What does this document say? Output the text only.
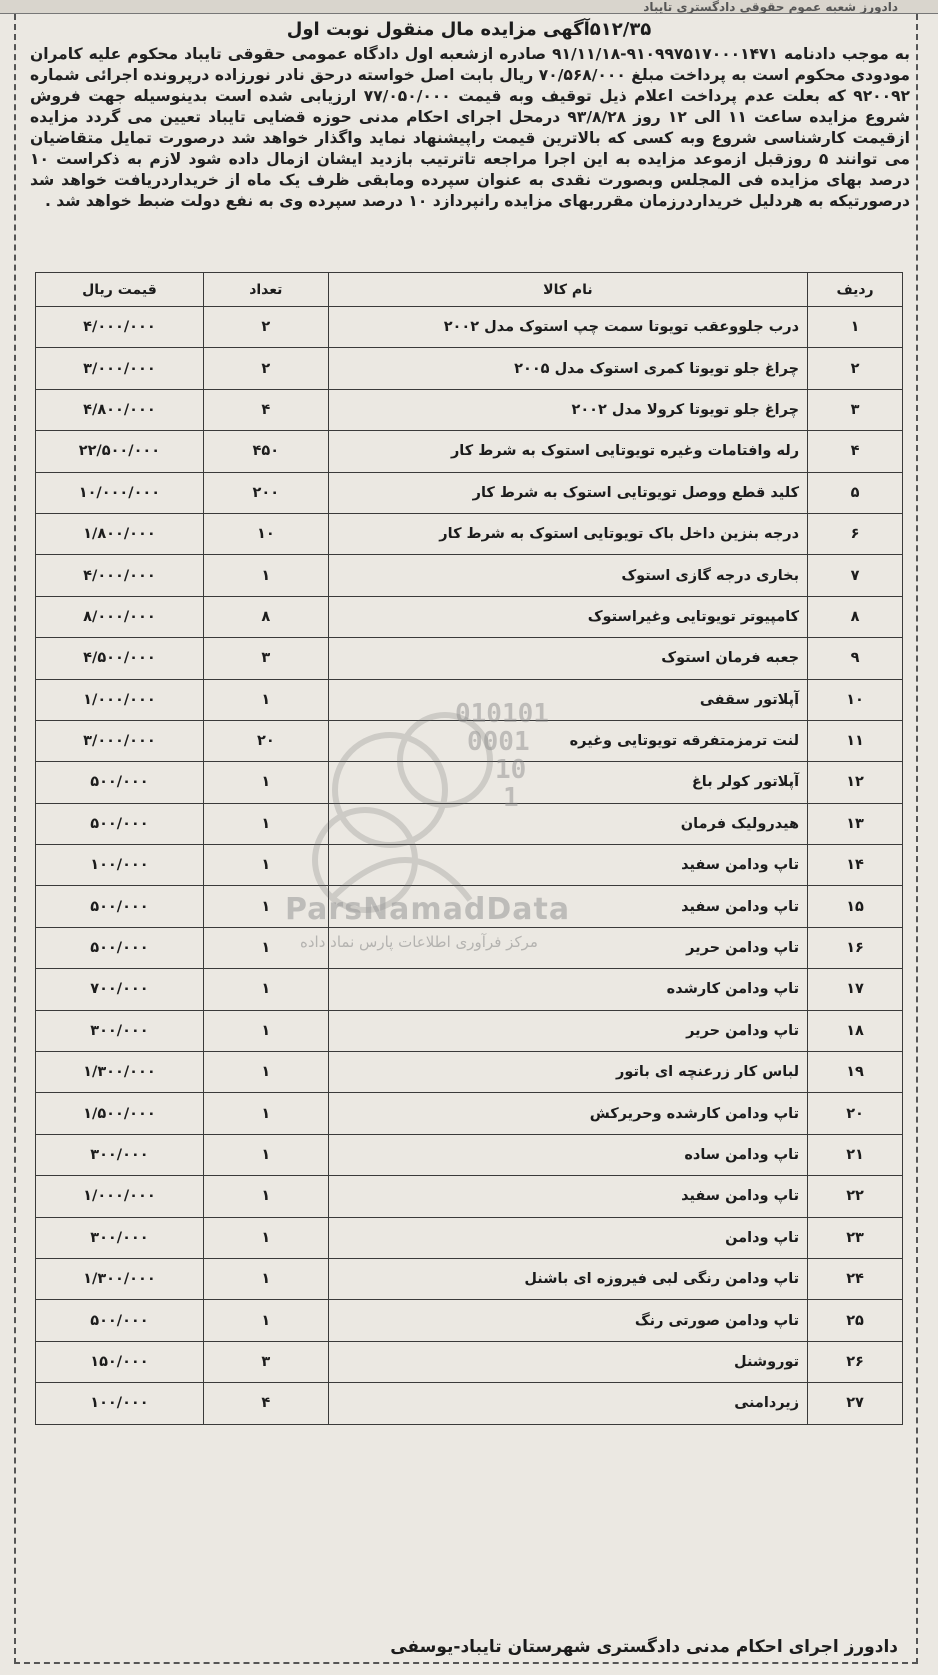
دادورز شعبه عموم حقوقی دادگستری تایباد
۵۱۲/۳۵آگهی مزایده مال منقول نوبت اول

به موجب دادنامه ۹۱۰۹۹۷۵۱۷۰۰۰۱۴۷۱-۹۱/۱۱/۱۸ صادره ازشعبه اول دادگاه عمومی حقوقی تایباد محکوم علیه کامران مودودی محکوم است به پرداخت مبلغ ۷۰/۵۶۸/۰۰۰ ریال بابت اصل خواسته درحق نادر نورزاده درپرونده اجرائی شماره ۹۲۰۰۹۲ که بعلت عدم پرداخت اعلام ذیل توقیف وبه قیمت ۷۷/۰۵۰/۰۰۰ ارزیابی شده است بدینوسیله جهت فروش شروع مزایده ساعت ۱۱ الی ۱۲ روز ۹۳/۸/۲۸ درمحل اجرای احکام مدنی حوزه قضایی تایباد تعیین می گردد مزایده ازقیمت کارشناسی شروع وبه کسی که بالاترین قیمت راپیشنهاد نماید واگذار خواهد شد درصورت تمایل متقاضیان می توانند ۵ روزقبل ازموعد مزایده به این اجرا مراجعه تاترتیب بازدید ایشان ازمال داده شود لازم به ذکراست ۱۰ درصد بهای مزایده فی المجلس وبصورت نقدی به عنوان سپرده ومابقی ظرف یک ماه از خریداردریافت خواهد شد درصورتیکه به هردلیل خریداردرزمان مقرربهای مزایده رانپردازد ۱۰ درصد سپرده وی به نفع دولت ضبط خواهد شد .

ردیف	نام کالا	تعداد	قیمت ریال
۱	درب جلووعقب تویوتا سمت چپ استوک مدل ۲۰۰۲	۲	۴/۰۰۰/۰۰۰
۲	چراغ جلو تویوتا کمری استوک مدل ۲۰۰۵	۲	۳/۰۰۰/۰۰۰
۳	چراغ جلو تویوتا کرولا مدل ۲۰۰۲	۴	۴/۸۰۰/۰۰۰
۴	رله وافتامات وغیره تویوتایی استوک به شرط کار	۴۵۰	۲۲/۵۰۰/۰۰۰
۵	کلید قطع ووصل تویوتایی استوک به شرط کار	۲۰۰	۱۰/۰۰۰/۰۰۰
۶	درجه بنزین داخل باک تویوتایی استوک به شرط کار	۱۰	۱/۸۰۰/۰۰۰
۷	بخاری درجه گازی استوک	۱	۴/۰۰۰/۰۰۰
۸	کامپیوتر تویوتایی وغیراستوک	۸	۸/۰۰۰/۰۰۰
۹	جعبه فرمان استوک	۳	۴/۵۰۰/۰۰۰
۱۰	آپلاتور سقفی	۱	۱/۰۰۰/۰۰۰
۱۱	لنت ترمزمتفرقه تویوتایی وغیره	۲۰	۳/۰۰۰/۰۰۰
۱۲	آپلاتور کولر باغ	۱	۵۰۰/۰۰۰
۱۳	هیدرولیک فرمان	۱	۵۰۰/۰۰۰
۱۴	تاپ ودامن سفید	۱	۱۰۰/۰۰۰
۱۵	تاپ ودامن سفید	۱	۵۰۰/۰۰۰
۱۶	تاپ ودامن حریر	۱	۵۰۰/۰۰۰
۱۷	تاپ ودامن کارشده	۱	۷۰۰/۰۰۰
۱۸	تاپ ودامن حریر	۱	۳۰۰/۰۰۰
۱۹	لباس کار زرعنچه ای باتور	۱	۱/۳۰۰/۰۰۰
۲۰	تاپ ودامن کارشده وحریرکش	۱	۱/۵۰۰/۰۰۰
۲۱	تاپ ودامن ساده	۱	۳۰۰/۰۰۰
۲۲	تاپ ودامن سفید	۱	۱/۰۰۰/۰۰۰
۲۳	تاپ ودامن	۱	۳۰۰/۰۰۰
۲۴	تاپ ودامن رنگی لبی فیروزه ای باشنل	۱	۱/۳۰۰/۰۰۰
۲۵	تاپ ودامن صورتی رنگ	۱	۵۰۰/۰۰۰
۲۶	توروشنل	۳	۱۵۰/۰۰۰
۲۷	زیردامنی	۴	۱۰۰/۰۰۰
ParsNamadData
010101
0001
10
1
مرکز فرآوری اطلاعات پارس نماد داده
دادورز اجرای احکام مدنی دادگستری شهرستان تایباد-یوسفی
